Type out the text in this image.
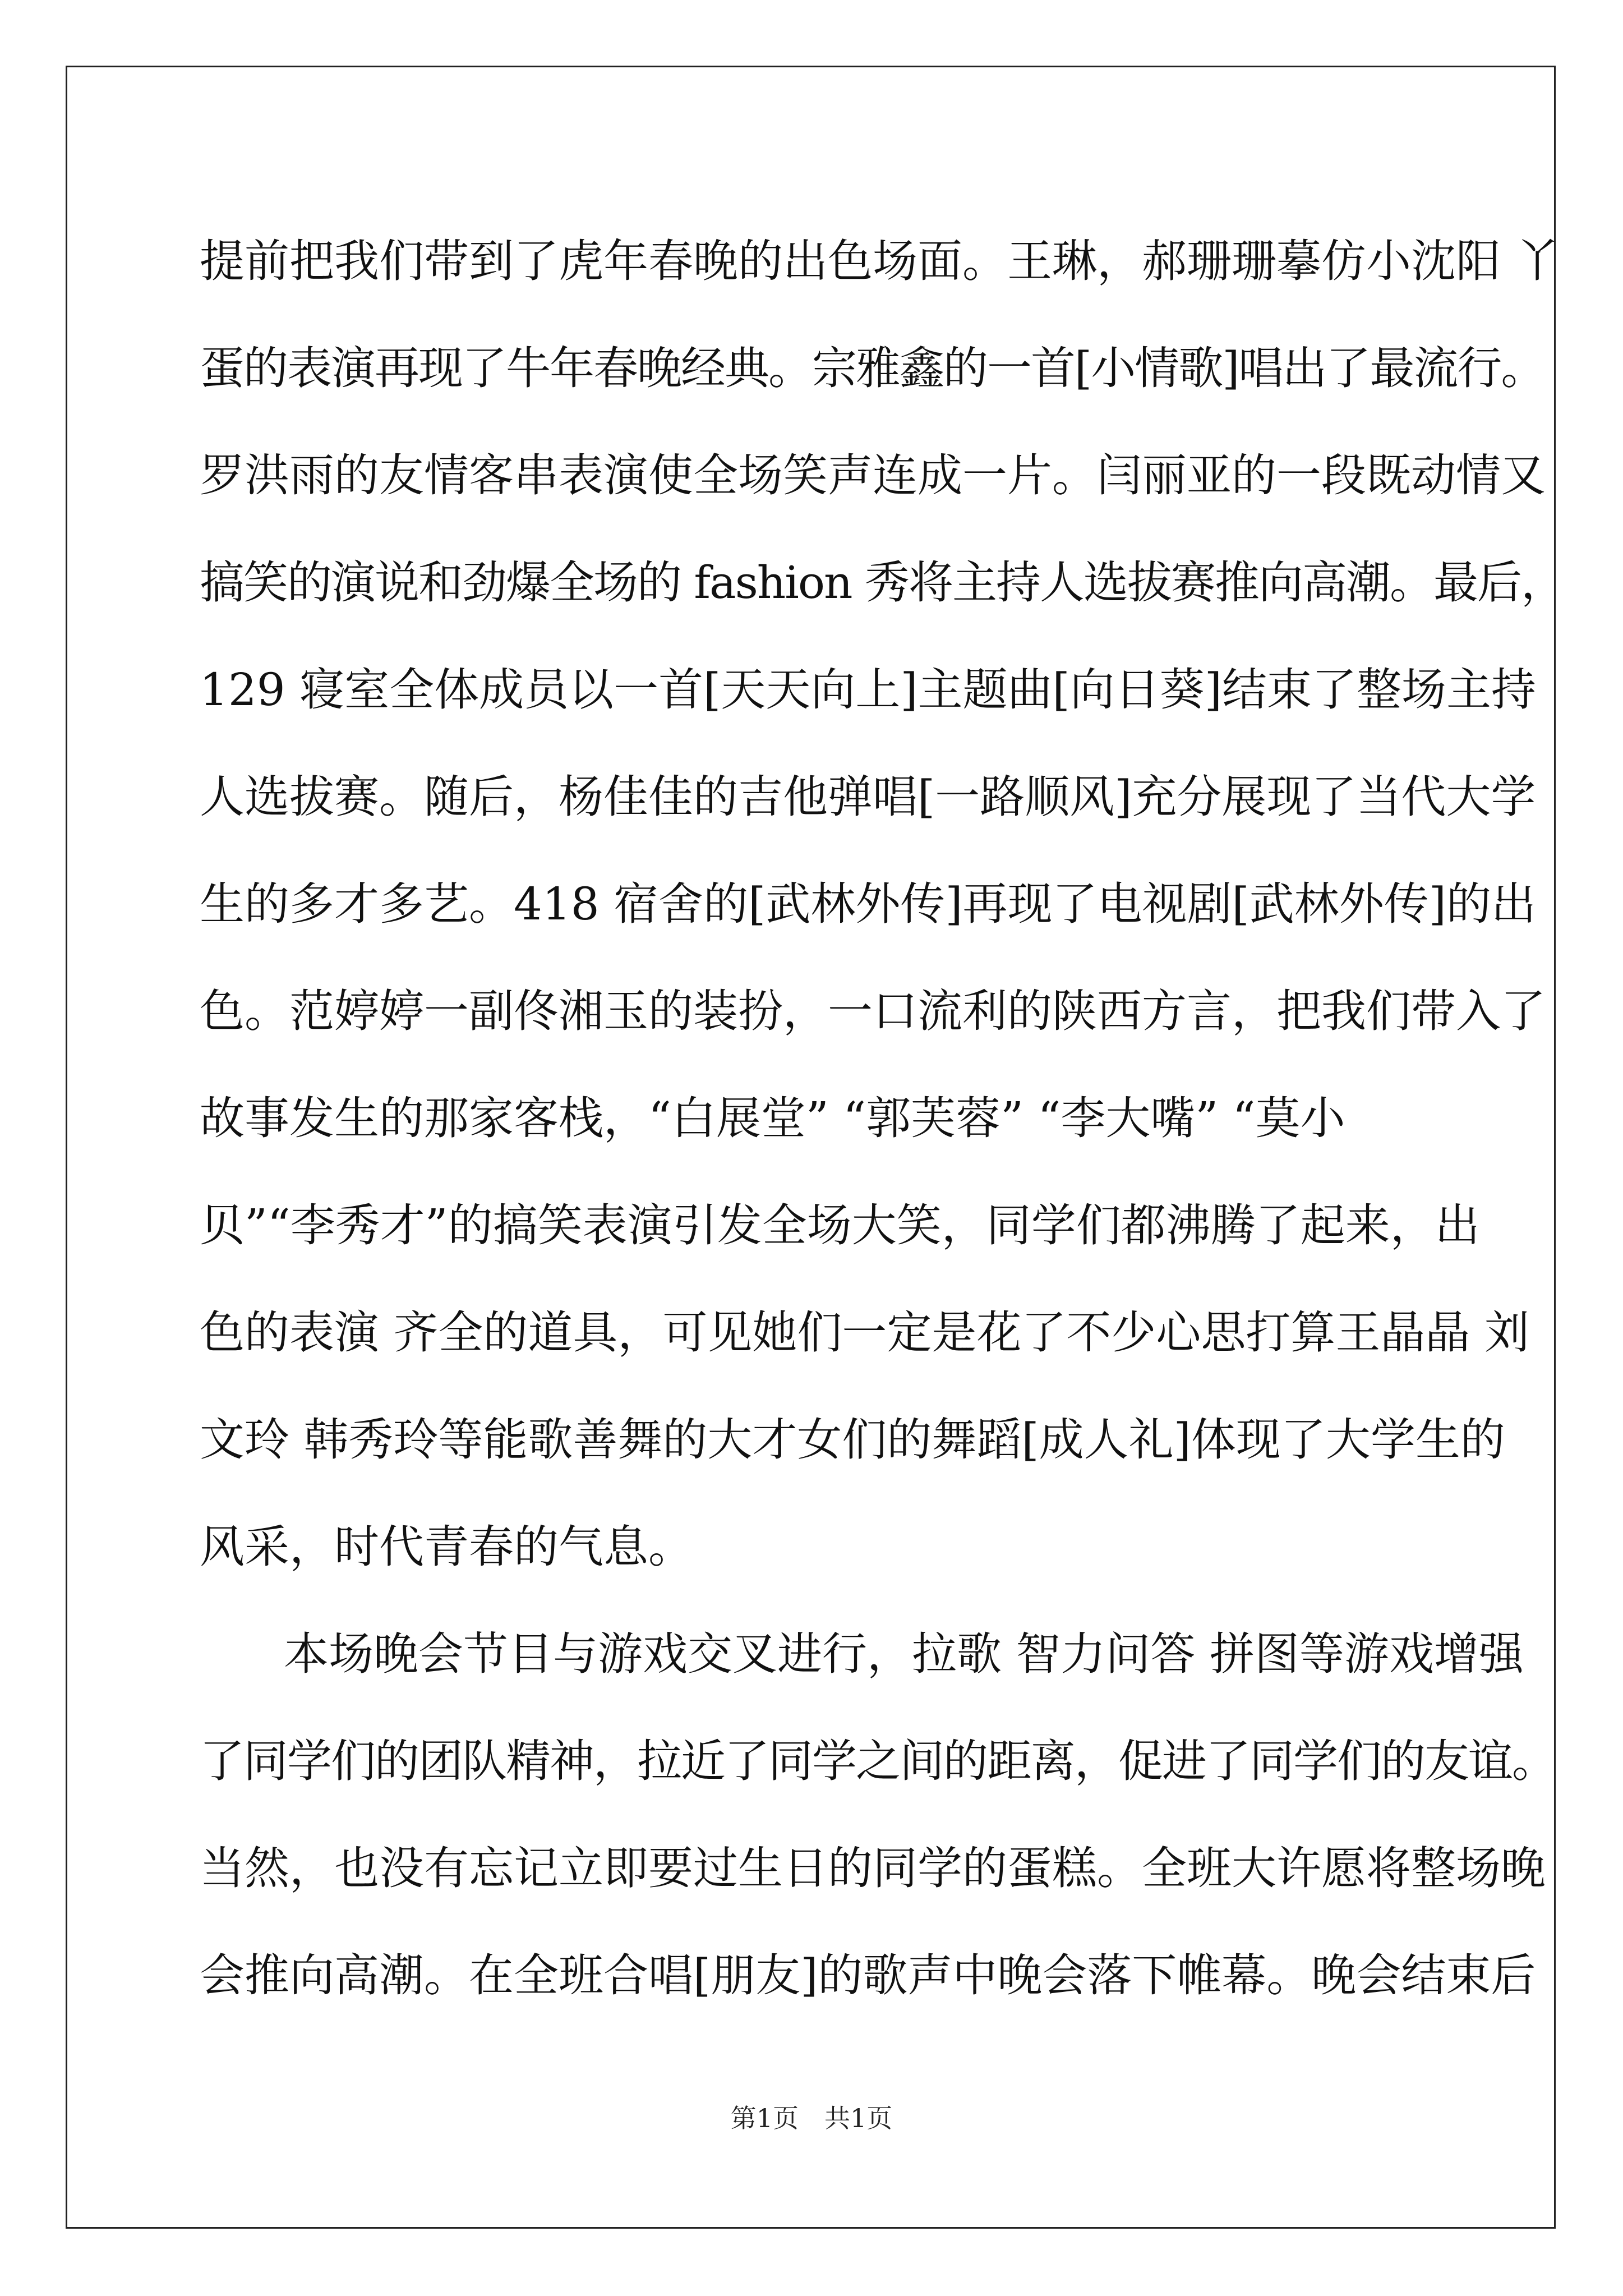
提前把我们带到了虎年春晚的出色场面。王琳，郝珊珊摹仿小沈阳 丫
蛋的表演再现了牛年春晚经典。宗雅鑫的一首[小情歌]唱出了最流行。
罗洪雨的友情客串表演使全场笑声连成一片。闫丽亚的一段既动情又
搞笑的演说和劲爆全场的 fashion 秀将主持人选拔赛推向高潮。最后，
129 寝室全体成员以一首[天天向上]主题曲[向日葵]结束了整场主持
人选拔赛。随后，杨佳佳的吉他弹唱[一路顺风]充分展现了当代大学
生的多才多艺。418 宿舍的[武林外传]再现了电视剧[武林外传]的出
色。范婷婷一副佟湘玉的装扮，一口流利的陕西方言，把我们带入了
故事发生的那家客栈，“白展堂” “郭芙蓉” “李大嘴” “莫小
贝”“李秀才”的搞笑表演引发全场大笑，同学们都沸腾了起来，出
色的表演 齐全的道具，可见她们一定是花了不少心思打算王晶晶 刘
文玲 韩秀玲等能歌善舞的大才女们的舞蹈[成人礼]体现了大学生的
风采，时代青春的气息。
本场晚会节目与游戏交叉进行，拉歌 智力问答 拼图等游戏增强
了同学们的团队精神，拉近了同学之间的距离，促进了同学们的友谊。
当然，也没有忘记立即要过生日的同学的蛋糕。全班大许愿将整场晚
会推向高潮。在全班合唱[朋友]的歌声中晚会落下帷幕。晚会结束后
第1页　共1页
